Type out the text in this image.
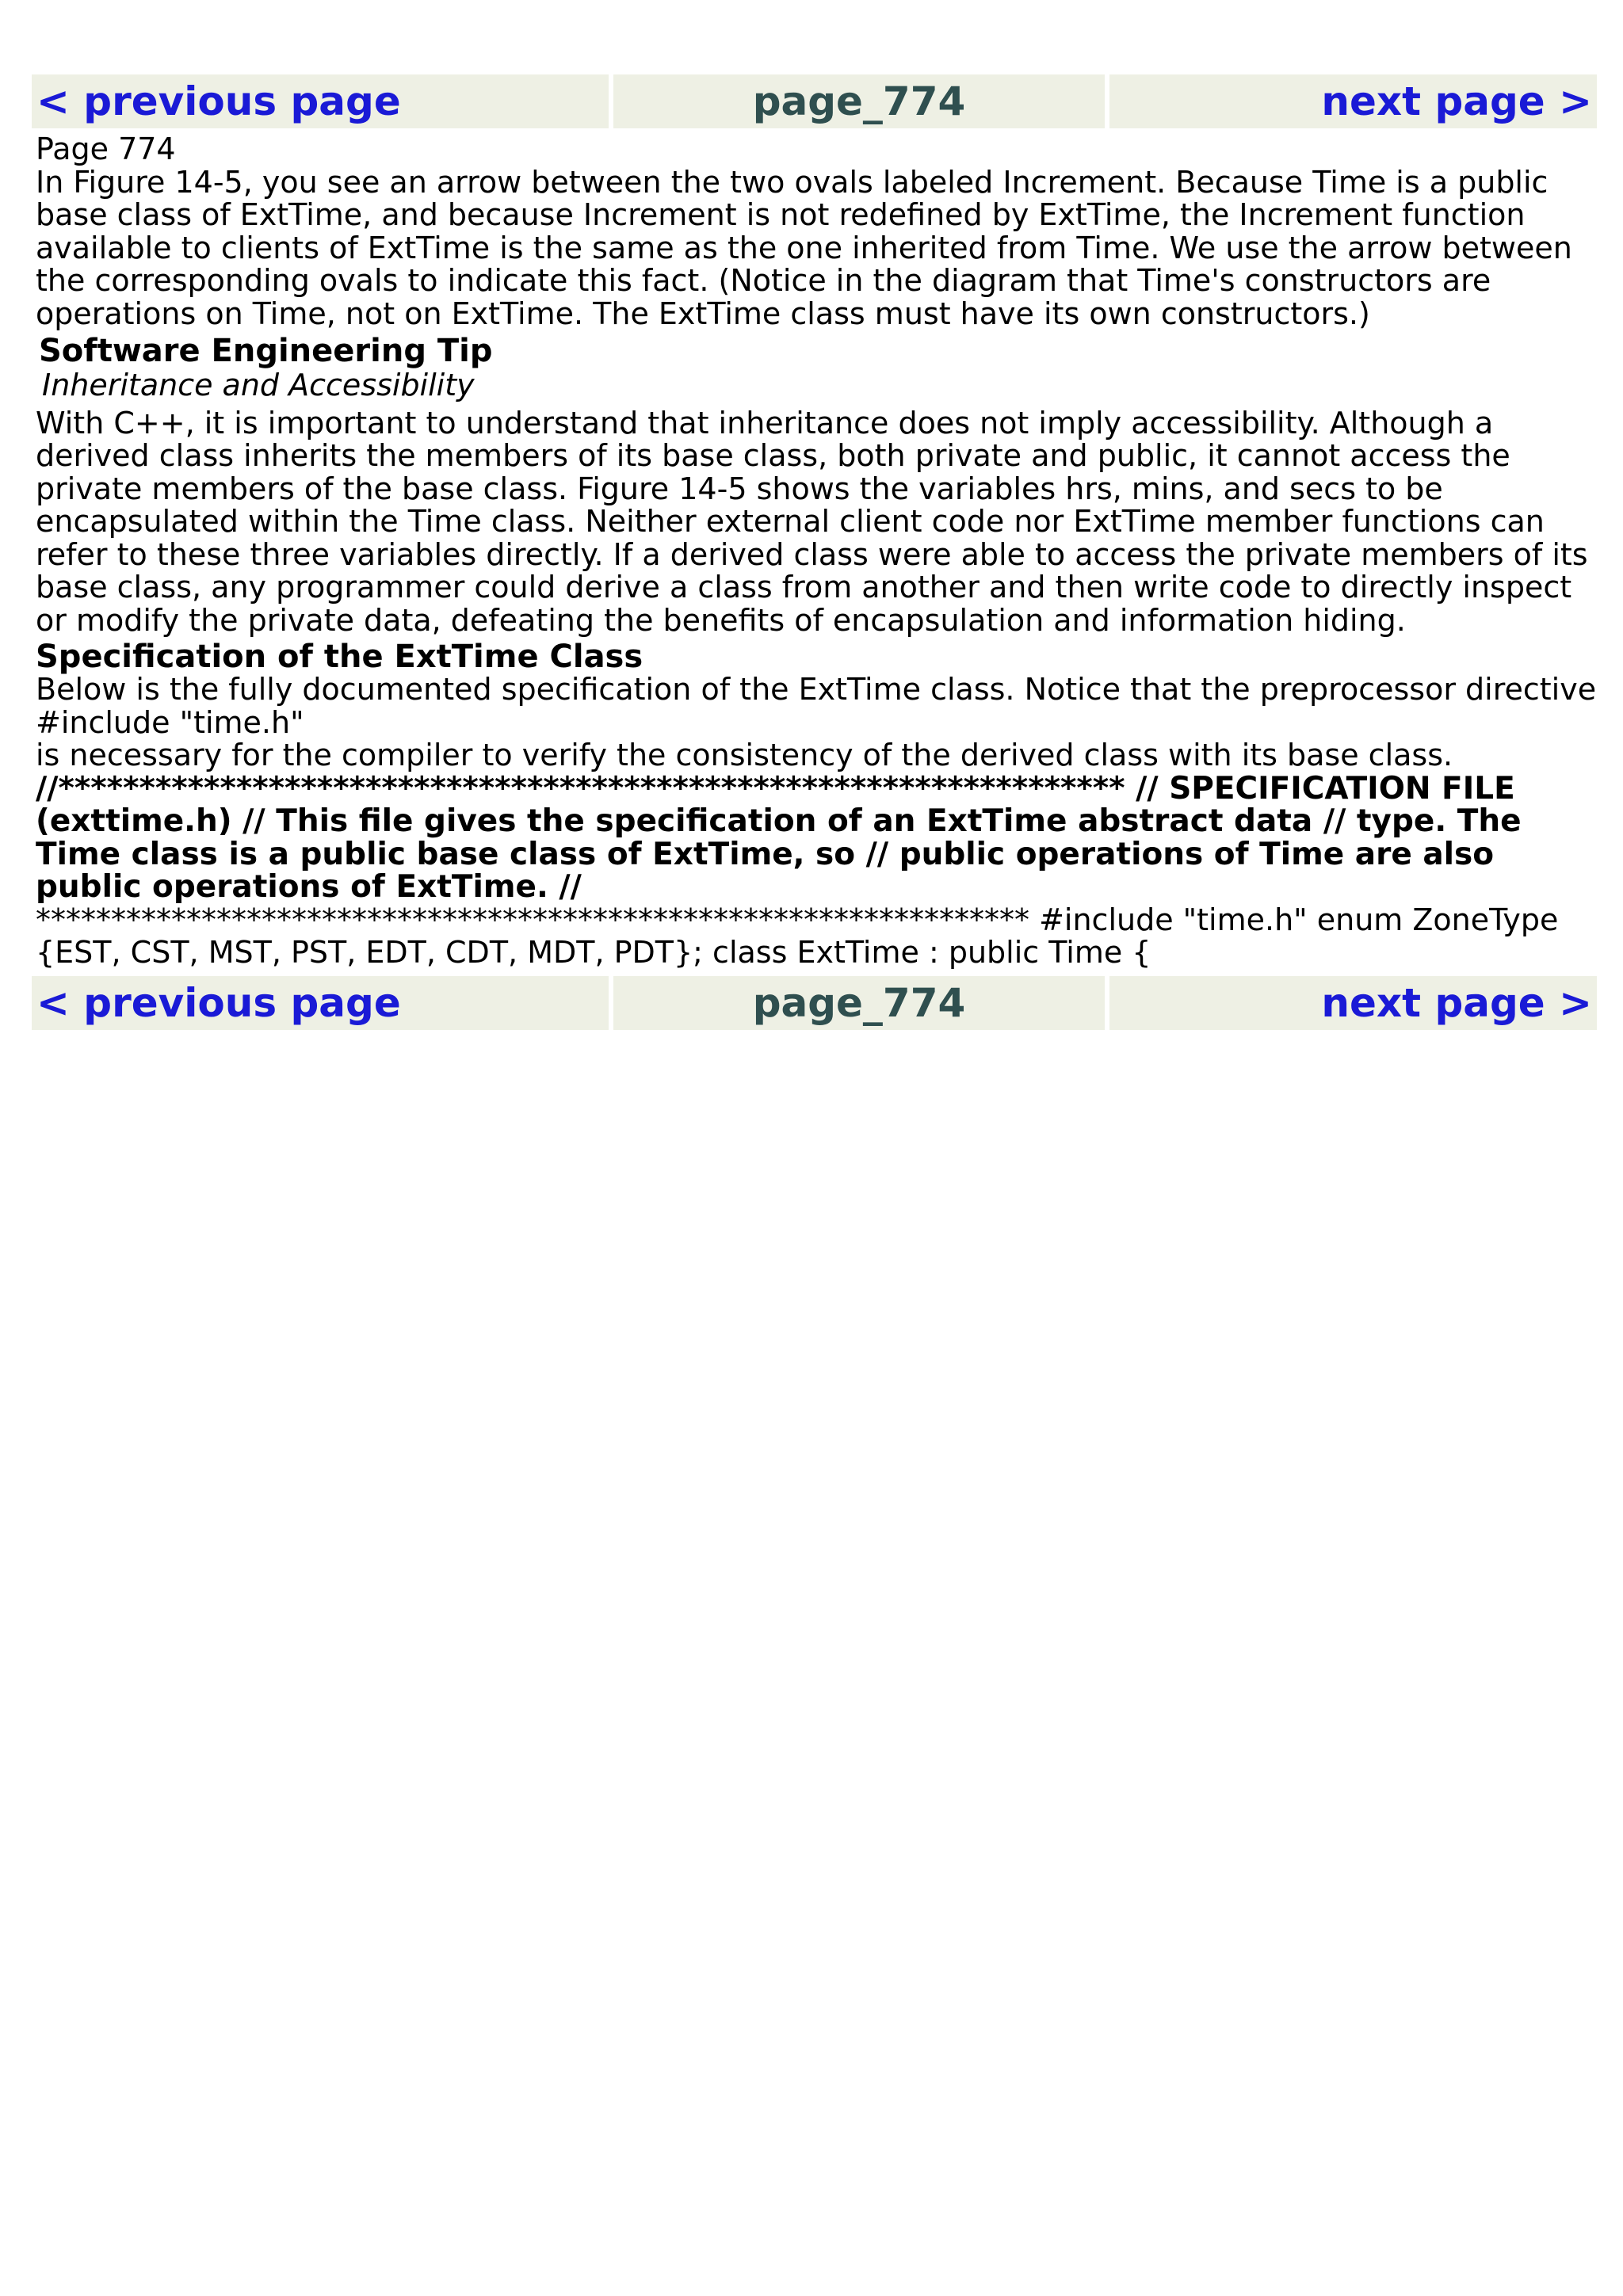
< previous page	page_774	next page >

Page 774

In Figure 14-5, you see an arrow between the two ovals labeled Increment. Because Time is a public base class of ExtTime, and because Increment is not redefined by ExtTime, the Increment function available to clients of ExtTime is the same as the one inherited from Time. We use the arrow between the corresponding ovals to indicate this fact. (Notice in the diagram that Time's constructors are operations on Time, not on ExtTime. The ExtTime class must have its own constructors.)

Software Engineering Tip
Inheritance and Accessibility

With C++, it is important to understand that inheritance does not imply accessibility. Although a derived class inherits the members of its base class, both private and public, it cannot access the private members of the base class. Figure 14-5 shows the variables hrs, mins, and secs to be encapsulated within the Time class. Neither external client code nor ExtTime member functions can refer to these three variables directly. If a derived class were able to access the private members of its base class, any programmer could derive a class from another and then write code to directly inspect or modify the private data, defeating the benefits of encapsulation and information hiding.

Specification of the ExtTime Class

Below is the fully documented specification of the ExtTime class. Notice that the preprocessor directive

#include "time.h"

is necessary for the compiler to verify the consistency of the derived class with its base class.

//****************************************************************** // SPECIFICATION FILE (exttime.h) // This file gives the specification of an ExtTime abstract data // type. The Time class is a public base class of ExtTime, so // public operations of Time are also public operations of ExtTime. //

****************************************************************** #include "time.h" enum ZoneType {EST, CST, MST, PST, EDT, CDT, MDT, PDT}; class ExtTime : public Time {

< previous page	page_774	next page >
